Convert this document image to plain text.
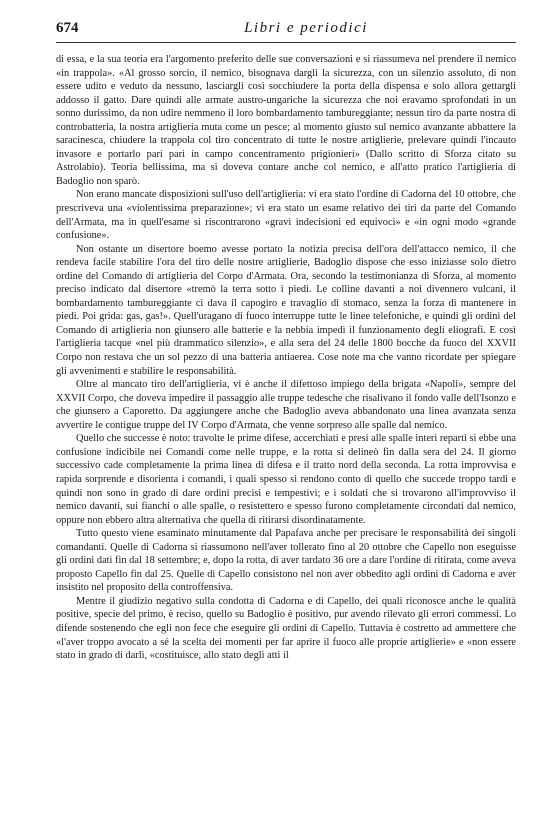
674	Libri e periodici

di essa, e la sua teoria era l'argomento preferito delle sue conversazioni e si riassumeva nel prendere il nemico «in trappola». «Al grosso sorcio, il nemico, bisognava dargli la sicurezza, con un silenzio assoluto, di non essere udito e veduto da nessuno, lasciargli così socchiudere la porta della dispensa e solo allora gettargli addosso il gatto. Dare quindi alle armate austro-ungariche la sicurezza che noi eravamo sprofondati in un sonno durissimo, da non udire nemmeno il loro bombardamento tambureggiante; nessun tiro da parte nostra di controbatteria, la nostra artiglieria muta come un pesce; al momento giusto sul nemico avanzante abbattere la saracinesca, chiudere la trappola col tiro concentrato di tutte le nostre artiglierie, prelevare quindi l'incauto invasore e portarlo pari pari in campo concentramento prigionieri» (Dallo scritto di Sforza citato su Astrolabio). Teoria bellissima, ma si doveva contare anche col nemico, e all'atto pratico l'artiglieria di Badoglio non sparò.

Non erano mancate disposizioni sull'uso dell'artiglieria: vi era stato l'ordine di Cadorna del 10 ottobre, che prescriveva una «violentissima preparazione»; vi era stato un esame relativo dei tiri da parte del Comando dell'Armata, ma in quell'esame si riscontrarono «gravi indecisioni ed equivoci» e «in ogni modo «grande confusione».

Non ostante un disertore boemo avesse portato la notizia precisa dell'ora dell'attacco nemico, il che rendeva facile stabilire l'ora del tiro delle nostre artiglierie, Badoglio dispose che esso iniziasse solo dietro ordine del Comando di artiglieria del Corpo d'Armata. Ora, secondo la testimonianza di Sforza, al momento preciso indicato dal disertore «tremò la terra sotto i piedi. Le colline davanti a noi divennero vulcani, il bombardamento tambureggiante ci dava il capogiro e travaglio di stomaco, senza la forza di mantenere in piedi. Poi grida: gas, gas!». Quell'uragano di fuoco interruppe tutte le linee telefoniche, e quindi gli ordini del Comando di artiglieria non giunsero alle batterie e la nebbia impedì il funzionamento degli eliografi. E così l'artiglieria tacque «nel più drammatico silenzio», e alla sera del 24 delle 1800 bocche da fuoco del XXVII Corpo non restava che un sol pezzo di una batteria antiaerea. Cose note ma che vanno ricordate per spiegare gli avvenimenti e stabilire le responsabilità.

Oltre al mancato tiro dell'artiglieria, vi è anche il difettoso impiego della brigata «Napoli», sempre del XXVII Corpo, che doveva impedire il passaggio alle truppe tedesche che risalivano il fondo valle dell'Isonzo e che giunsero a Caporetto. Da aggiungere anche che Badoglio aveva abbandonato una linea avanzata senza avvertire le contigue truppe del IV Corpo d'Armata, che venne sorpreso alle spalle dal nemico.

Quello che successe è noto: travolte le prime difese, accerchiati e presi alle spalle interi reparti si ebbe una confusione indicibile nei Comandi come nelle truppe, e la rotta si delineò fin dalla sera del 24. Il giorno successivo cade completamente la prima linea di difesa e il tratto nord della seconda. La rotta improvvisa e rapida sorprende e disorienta i comandi, i quali spesso si rendono conto di quello che succede troppo tardi e quindi non sono in grado di dare ordini precisi e tempestivi; e i soldati che si trovarono all'improvviso il nemico davanti, sui fianchi o alle spalle, o resistettero e spesso furono completamente circondati dal nemico, oppure non ebbero altra alternativa che quella di ritirarsi disordinatamente.

Tutto questo viene esaminato minutamente dal Papafava anche per precisare le responsabilità dei singoli comandanti. Quelle di Cadorna si riassumono nell'aver tollerato fino al 20 ottobre che Capello non eseguisse gli ordini dati fin dal 18 settembre; e, dopo la rotta, di aver tardato 36 ore a dare l'ordine di ritirata, come aveva proposto Capello fin dal 25. Quelle di Capello consistono nel non aver obbedito agli ordini di Cadorna e aver insistito nel proposito della controffensiva.

Mentre il giudizio negativo sulla condotta di Cadorna e di Capello, dei quali riconosce anche le qualità positive, specie del primo, è reciso, quello su Badoglio è positivo, pur avendo rilevato gli errori commessi. Lo difende sostenendo che egli non fece che eseguire gli ordini di Capello. Tuttavia è costretto ad ammettere che «l'aver troppo avocato a sé la scelta dei momenti per far aprire il fuoco alle proprie artiglierie» e «non essere stato in grado di darli, «costituisce, allo stato degli atti il
